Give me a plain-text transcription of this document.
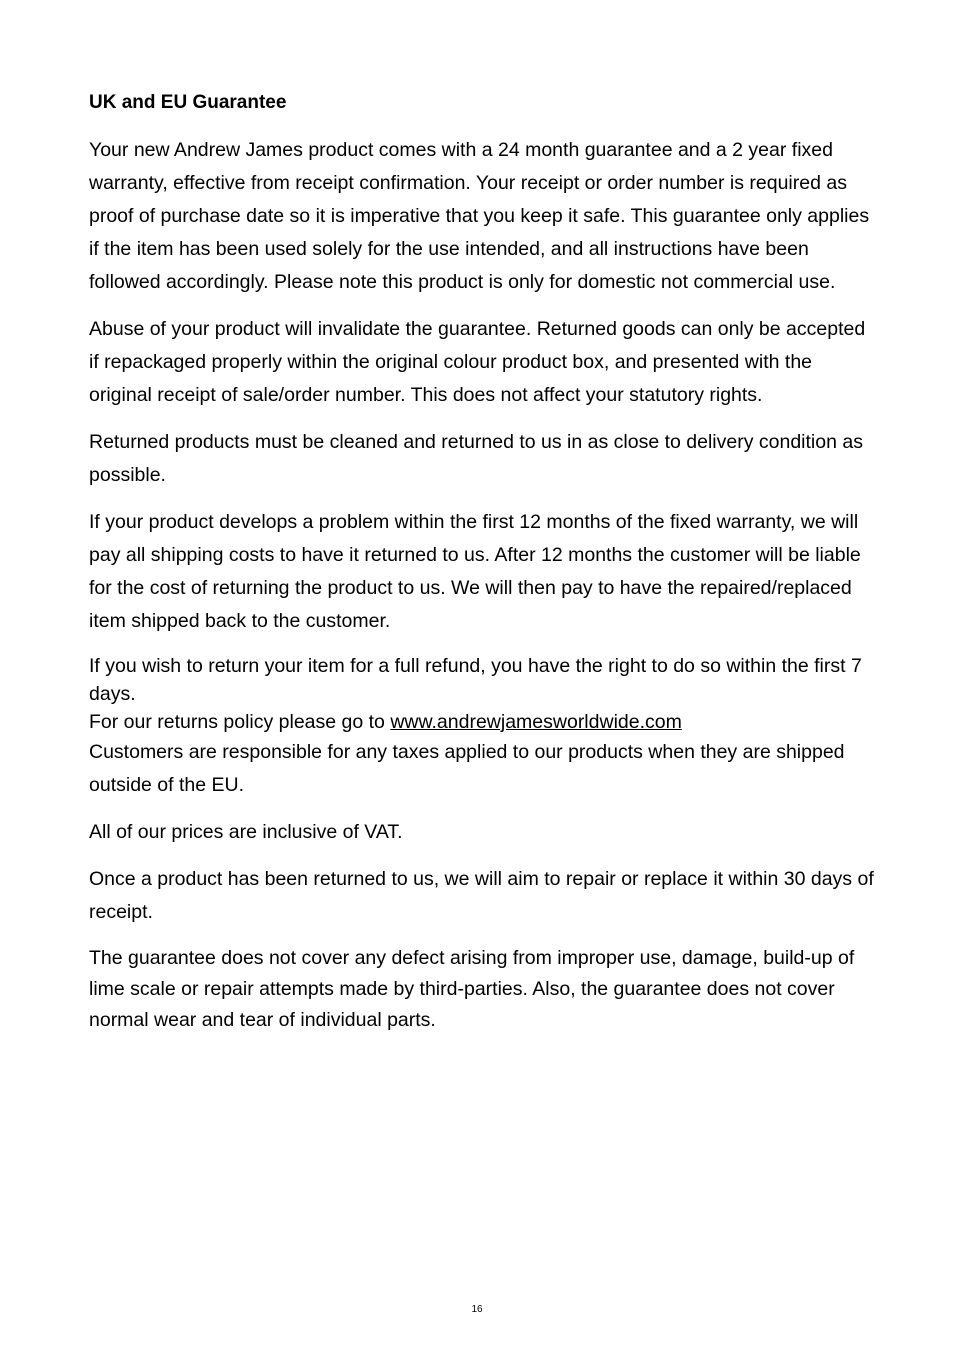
UK and EU Guarantee

Your new Andrew James product comes with a 24 month guarantee and a 2 year fixed warranty, effective from receipt confirmation. Your receipt or order number is required as proof of purchase date so it is imperative that you keep it safe. This guarantee only applies if the item has been used solely for the use intended, and all instructions have been followed accordingly. Please note this product is only for domestic not commercial use.

Abuse of your product will invalidate the guarantee. Returned goods can only be accepted if repackaged properly within the original colour product box, and presented with the original receipt of sale/order number. This does not affect your statutory rights.

Returned products must be cleaned and returned to us in as close to delivery condition as possible.

If your product develops a problem within the first 12 months of the fixed warranty, we will pay all shipping costs to have it returned to us. After 12 months the customer will be liable for the cost of returning the product to us. We will then pay to have the repaired/replaced item shipped back to the customer.

If you wish to return your item for a full refund, you have the right to do so within the first 7 days.
For our returns policy please go to www.andrewjamesworldwide.com
Customers are responsible for any taxes applied to our products when they are shipped outside of the EU.

All of our prices are inclusive of VAT.

Once a product has been returned to us, we will aim to repair or replace it within 30 days of receipt.

The guarantee does not cover any defect arising from improper use, damage, build-up of lime scale or repair attempts made by third-parties. Also, the guarantee does not cover normal wear and tear of individual parts.

16
